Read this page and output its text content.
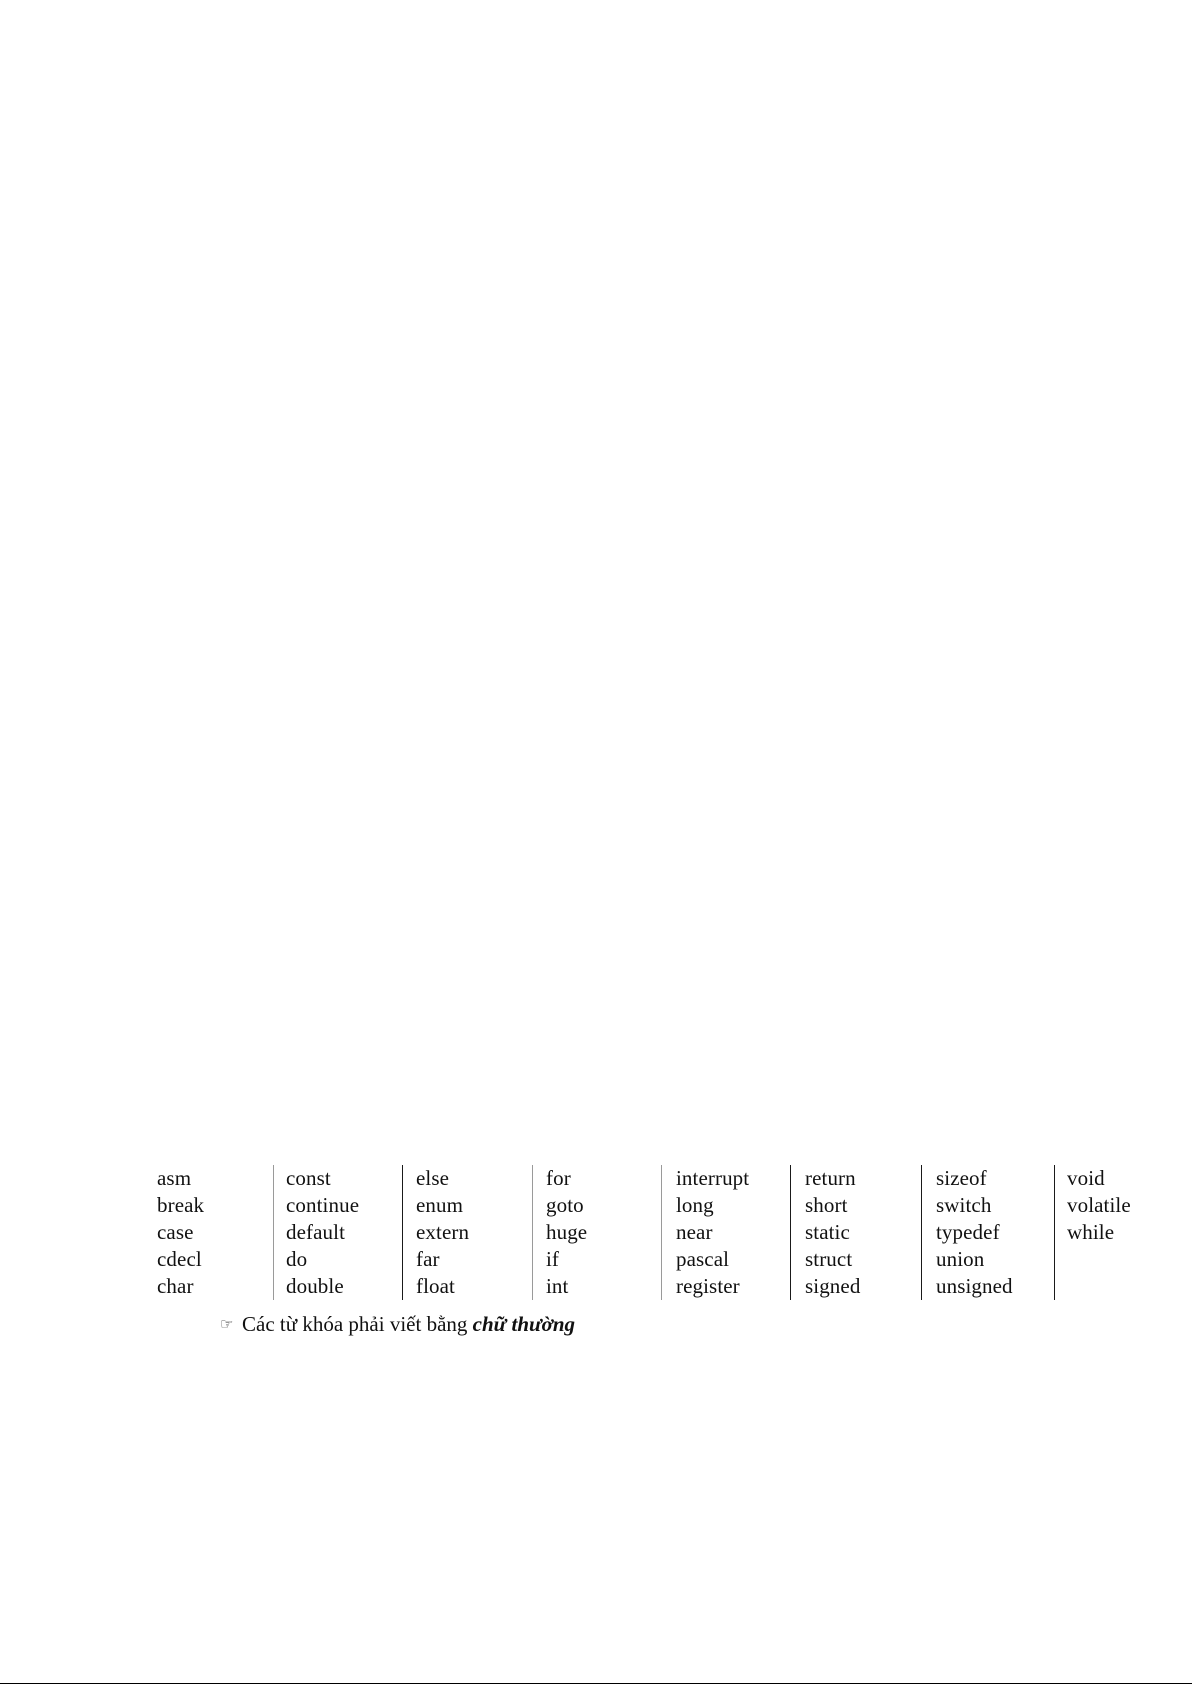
asm
break
case
cdecl
char
const
continue
default
do
double
else
enum
extern
far
float
for
goto
huge
if
int
interrupt
long
near
pascal
register
return
short
static
struct
signed
sizeof
switch
typedef
union
unsigned
void
volatile
while
☞ Các từ khóa phải viết bằng chữ thường
